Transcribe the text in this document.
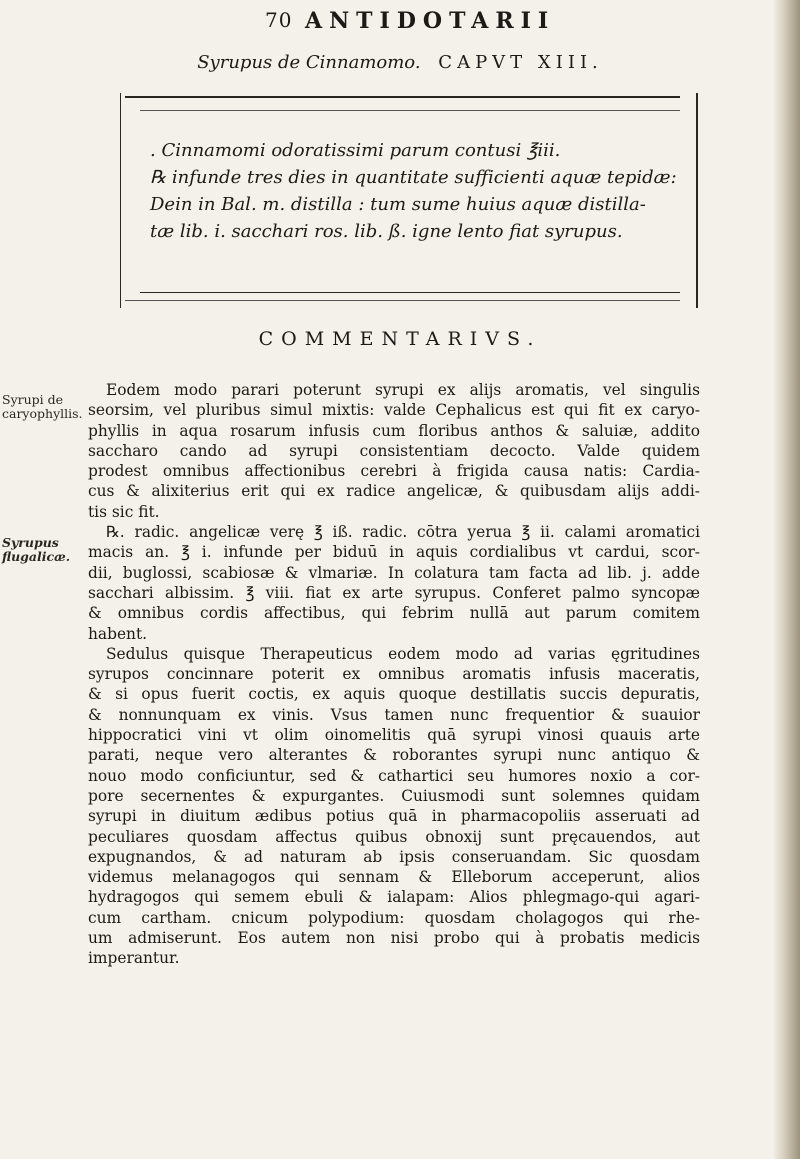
70 ANTIDOTARII
Syrupus de Cinnamomo. CAPVT XIII.
. Cinnamomi odoratissimi parum contusi ℥iii.
℞ infunde tres dies in quantitate sufficienti aquæ tepidæ:
Dein in Bal. m. distilla : tum sume huius aquæ distilla-
tæ lib. i. sacchari ros. lib. ß. igne lento fiat syrupus.
COMMENTARIVS.
Syrupi de caryophyllis.
Syrupus flugalicæ.

Eodem modo parari poterunt syrupi ex alijs aromatis, vel singulis
seorsim, vel pluribus simul mixtis: valde Cephalicus est qui fit ex caryo-
phyllis in aqua rosarum infusis cum floribus anthos & saluiæ, addito
saccharo cando ad syrupi consistentiam decocto. Valde quidem
prodest omnibus affectionibus cerebri à frigida causa natis: Cardia-
cus & alixiterius erit qui ex radice angelicæ, & quibusdam alijs addi-
tis sic fit.

℞. radic. angelicæ verę ℥ iß. radic. cōtra yerua ℥ ii. calami aromatici
macis an. ℥ i. infunde per biduū in aquis cordialibus vt cardui, scor-
dii, buglossi, scabiosæ & vlmariæ. In colatura tam facta ad lib. j. adde
sacchari albissim. ℥ viii. fiat ex arte syrupus. Conferet palmo syncopæ
& omnibus cordis affectibus, qui febrim nullā aut parum comitem
habent.

Sedulus quisque Therapeuticus eodem modo ad varias ęgritudines
syrupos concinnare poterit ex omnibus aromatis infusis maceratis,
& si opus fuerit coctis, ex aquis quoque destillatis succis depuratis,
& nonnunquam ex vinis. Vsus tamen nunc frequentior & suauior
hippocratici vini vt olim oinomelitis quā syrupi vinosi quauis arte
parati, neque vero alterantes & roborantes syrupi nunc antiquo &
nouo modo conficiuntur, sed & cathartici seu humores noxio a cor-
pore secernentes & expurgantes. Cuiusmodi sunt solemnes quidam
syrupi in diuitum ædibus potius quā in pharmacopoliis asseruati ad
peculiares quosdam affectus quibus obnoxij sunt pręcauendos, aut
expugnandos, & ad naturam ab ipsis conseruandam. Sic quosdam
videmus melanagogos qui sennam & Elleborum acceperunt, alios
hydragogos qui semem ebuli & ialapam: Alios phlegmago-qui agari-
cum cartham. cnicum polypodium: quosdam cholagogos qui rhe-
um admiserunt. Eos autem non nisi probo qui à probatis medicis
imperantur.
